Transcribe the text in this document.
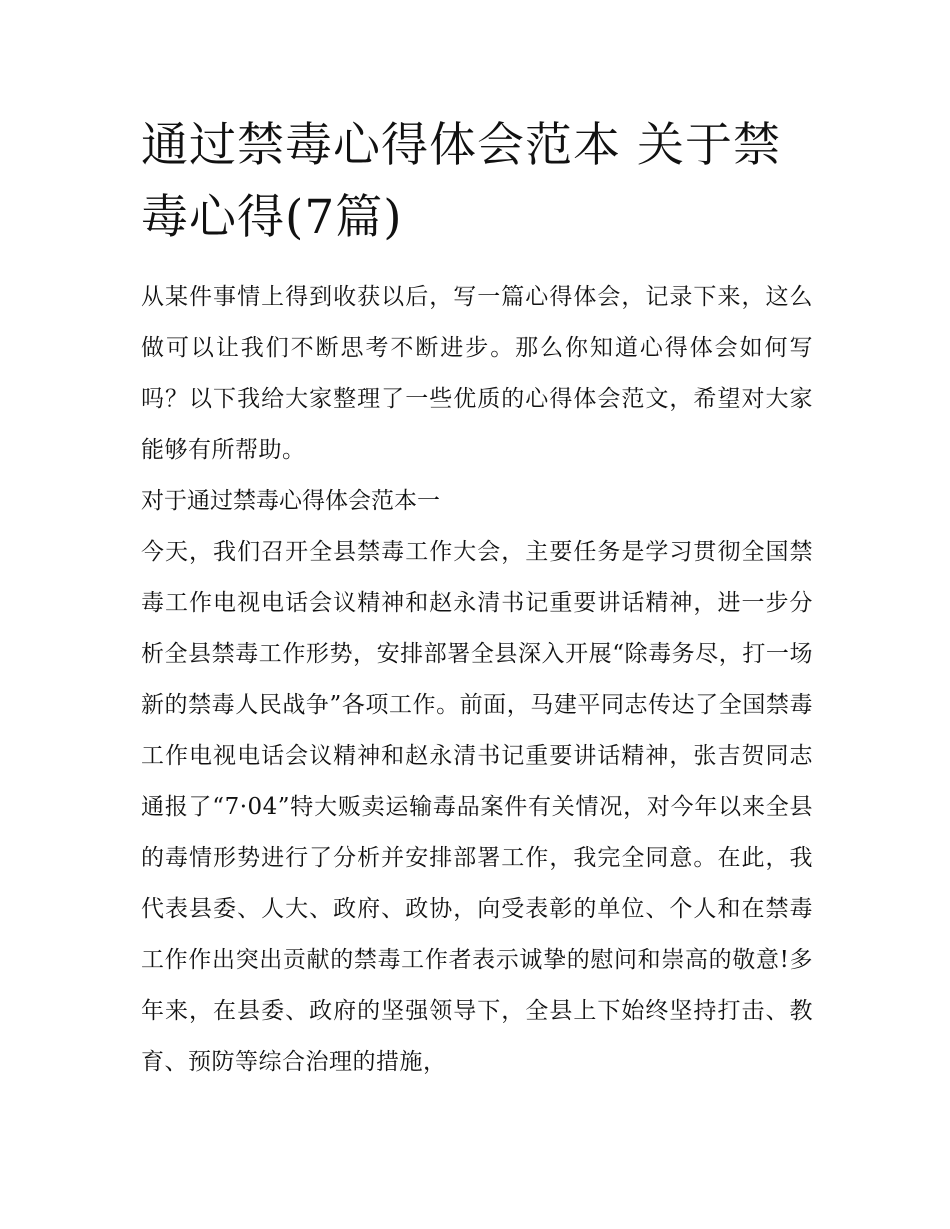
通过禁毒心得体会范本 关于禁毒心得(7篇)

从某件事情上得到收获以后，写一篇心得体会，记录下来，这么做可以让我们不断思考不断进步。那么你知道心得体会如何写吗？以下我给大家整理了一些优质的心得体会范文，希望对大家能够有所帮助。

对于通过禁毒心得体会范本一

今天，我们召开全县禁毒工作大会，主要任务是学习贯彻全国禁毒工作电视电话会议精神和赵永清书记重要讲话精神，进一步分析全县禁毒工作形势，安排部署全县深入开展“除毒务尽，打一场新的禁毒人民战争”各项工作。前面，马建平同志传达了全国禁毒工作电视电话会议精神和赵永清书记重要讲话精神，张吉贺同志通报了“7·04”特大贩卖运输毒品案件有关情况，对今年以来全县的毒情形势进行了分析并安排部署工作，我完全同意。在此，我代表县委、人大、政府、政协，向受表彰的单位、个人和在禁毒工作作出突出贡献的禁毒工作者表示诚挚的慰问和崇高的敬意!多年来，在县委、政府的坚强领导下，全县上下始终坚持打击、教育、预防等综合治理的措施，
